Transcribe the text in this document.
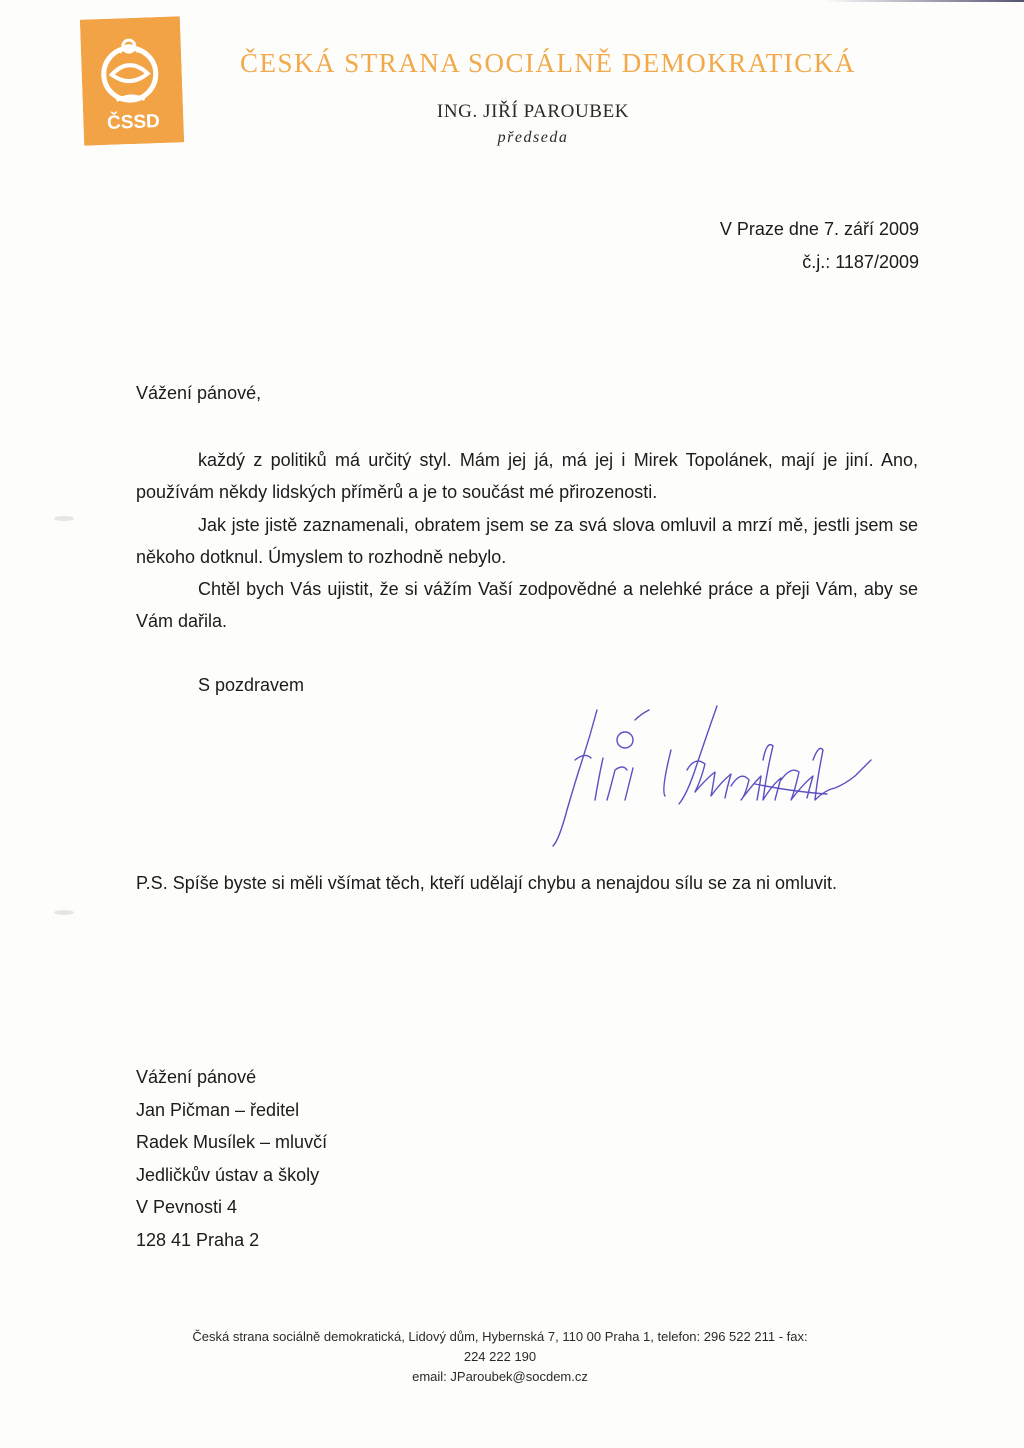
ČSSD
ČESKÁ STRANA SOCIÁLNĚ DEMOKRATICKÁ
ING. JIŘÍ PAROUBEK
předseda
V Praze dne 7. září 2009
č.j.: 1187/2009
Vážení pánové,

každý z politiků má určitý styl. Mám jej já, má jej i Mirek Topolánek, mají je jiní. Ano, používám někdy lidských příměrů a je to součást mé přirozenosti.

Jak jste jistě zaznamenali, obratem jsem se za svá slova omluvil a mrzí mě, jestli jsem se někoho dotknul. Úmyslem to rozhodně nebylo.

Chtěl bych Vás ujistit, že si vážím Vaší zodpovědné a nelehké práce a přeji Vám, aby se Vám dařila.

S pozdravem
P.S. Spíše byste si měli všímat těch, kteří udělají chybu a nenajdou sílu se za ni omluvit.
Vážení pánové
Jan Pičman – ředitel
Radek Musílek – mluvčí
Jedličkův ústav a školy
V Pevnosti 4
128 41 Praha 2
Česká strana sociálně demokratická, Lidový dům, Hybernská 7, 110 00 Praha 1, telefon: 296 522 211 - fax:
224 222 190
email: JParoubek@socdem.cz
